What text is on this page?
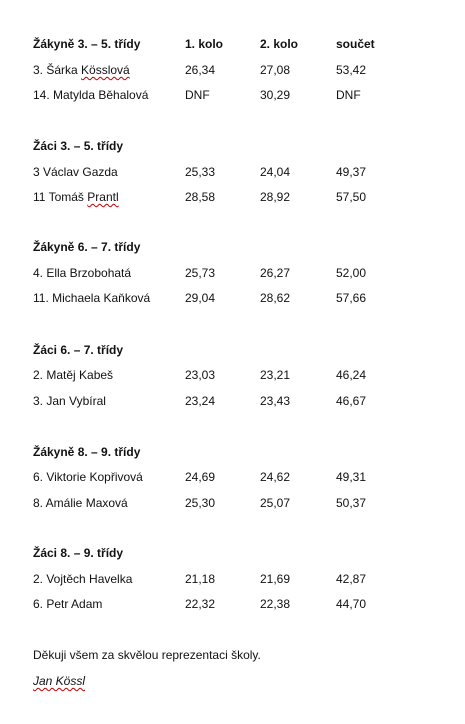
Žákyně 3. – 5. třídy	1. kolo	2. kolo	součet
3. Šárka Kösslová	26,34	27,08	53,42
14. Matylda Běhalová	DNF	30,29	DNF
Žáci 3. – 5. třídy
3 Václav Gazda	25,33	24,04	49,37
11 Tomáš Prantl	28,58	28,92	57,50
Žákyně 6. – 7. třídy
4. Ella Brzobohatá	25,73	26,27	52,00
11. Michaela Kaňková	29,04	28,62	57,66
Žáci 6. – 7. třídy
2. Matěj Kabeš	23,03	23,21	46,24
3. Jan Vybíral	23,24	23,43	46,67
Žákyně 8. – 9. třídy
6. Viktorie Kopřivová	24,69	24,62	49,31
8. Amálie Maxová	25,30	25,07	50,37
Žáci 8. – 9. třídy
2. Vojtěch Havelka	21,18	21,69	42,87
6. Petr Adam	22,32	22,38	44,70
Děkuji všem za skvělou reprezentaci školy.
Jan Kössl
